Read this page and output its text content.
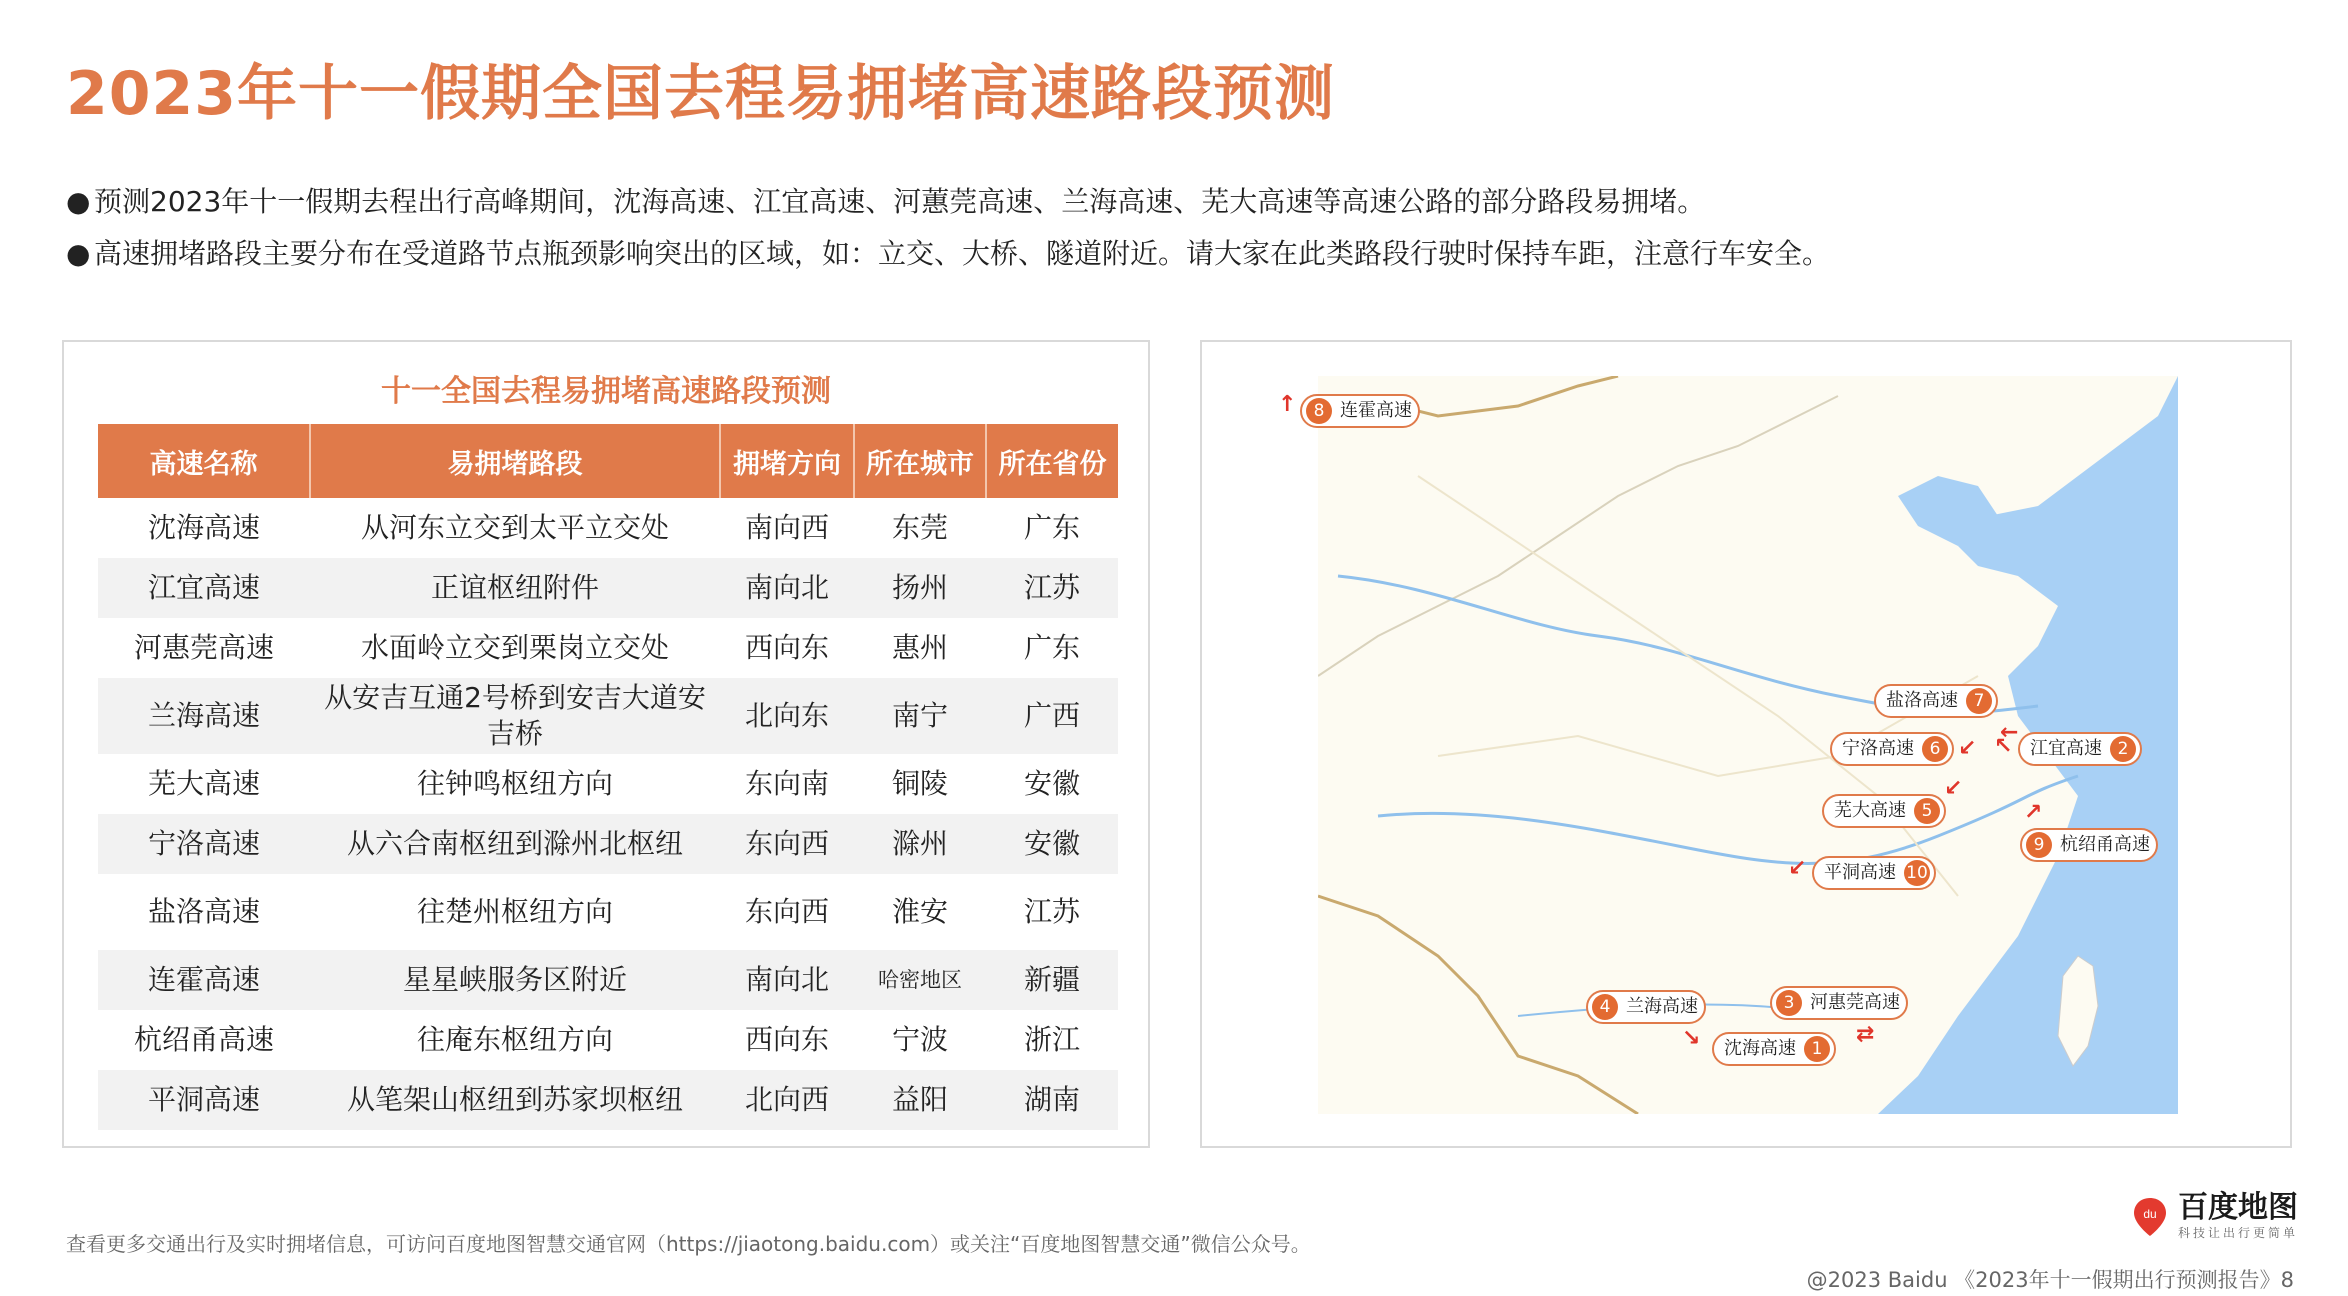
2023年十一假期全国去程易拥堵高速路段预测
● 预测2023年十一假期去程出行高峰期间，沈海高速、江宜高速、河蕙莞高速、兰海高速、芜大高速等高速公路的部分路段易拥堵。
● 高速拥堵路段主要分布在受道路节点瓶颈影响突出的区域，如：立交、大桥、隧道附近。请大家在此类路段行驶时保持车距，注意行车安全。
十一全国去程易拥堵高速路段预测
高速名称	易拥堵路段	拥堵方向	所在城市	所在省份
沈海高速	从河东立交到太平立交处	南向西	东莞	广东
江宜高速	正谊枢纽附件	南向北	扬州	江苏
河惠莞高速	水面岭立交到栗岗立交处	西向东	惠州	广东
兰海高速	从安吉互通2号桥到安吉大道安吉桥	北向东	南宁	广西
芜大高速	往钟鸣枢纽方向	东向南	铜陵	安徽
宁洛高速	从六合南枢纽到滁州北枢纽	东向西	滁州	安徽
盐洛高速	往楚州枢纽方向	东向西	淮安	江苏
连霍高速	星星峡服务区附近	南向北	哈密地区	新疆
杭绍甬高速	往庵东枢纽方向	西向东	宁波	浙江
平洞高速	从笔架山枢纽到苏家坝枢纽	北向西	益阳	湖南
8 连霍高速
↑
盐洛高速 7
←
宁洛高速 6 ↙	江宜高速 2
↖
芜大高速 5
↙
9 杭绍甬高速
↗
平洞高速 10
↙
4 兰海高速
↘
3 河惠莞高速
⇄
沈海高速 1
查看更多交通出行及实时拥堵信息，可访问百度地图智慧交通官网（https://jiaotong.baidu.com）或关注“百度地图智慧交通”微信公众号。
du 百度地图
科技让出行更简单
@2023 Baidu 《2023年十一假期出行预测报告》8
